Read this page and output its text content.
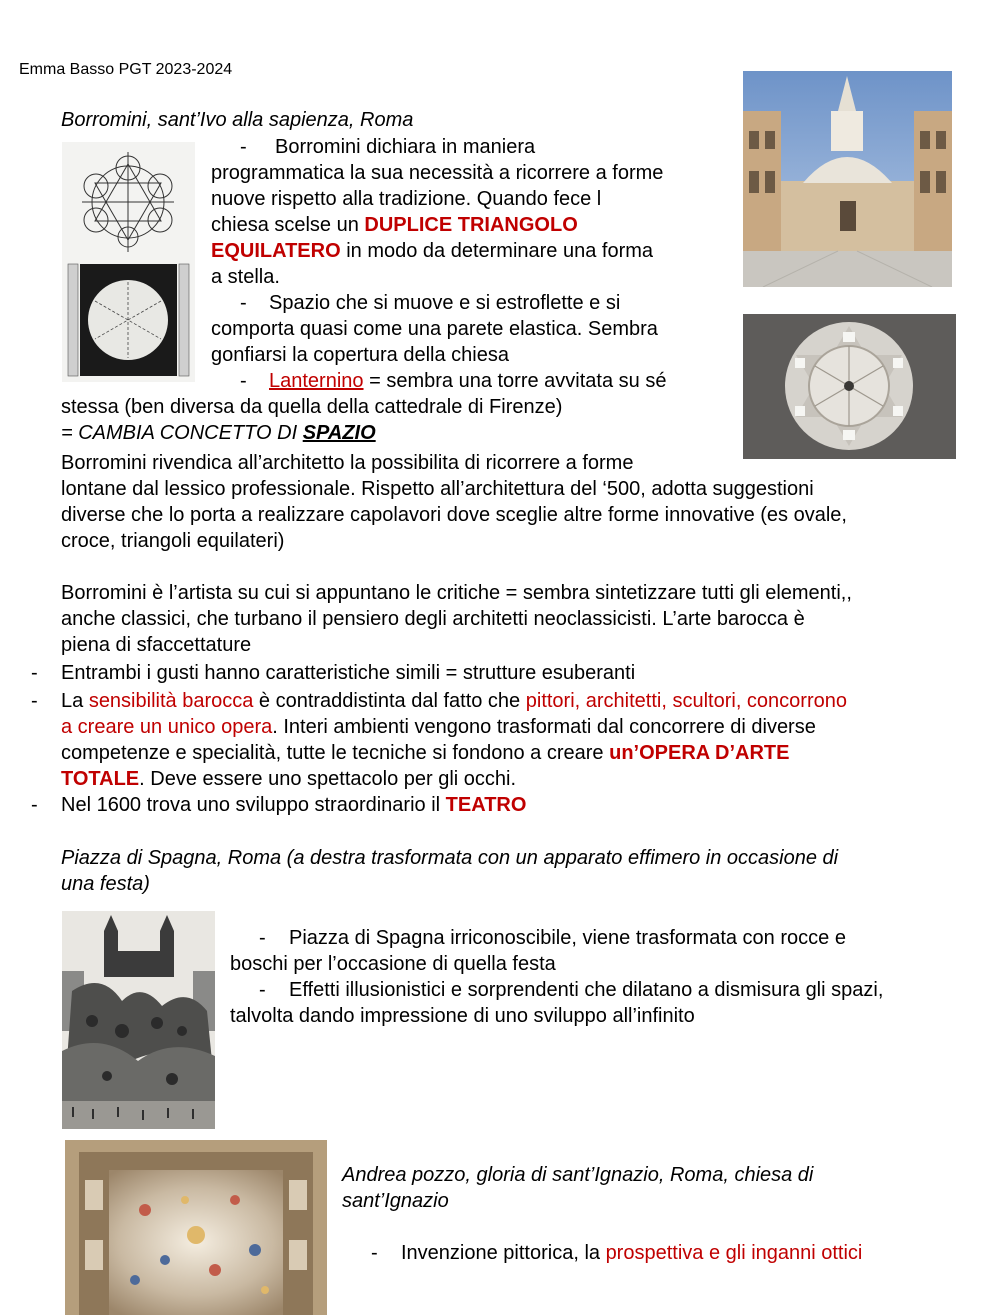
Emma Basso PGT 2023-2024
Borromini, sant’Ivo alla sapienza, Roma
- Borromini dichiara in maniera
programmatica la sua necessità a ricorrere a forme
nuove rispetto alla tradizione. Quando fece l
chiesa scelse un DUPLICE TRIANGOLO
EQUILATERO in modo da determinare una forma
a stella.
- Spazio che si muove e si estroflette e si
comporta quasi come una parete elastica. Sembra
gonfiarsi la copertura della chiesa
- Lanternino = sembra una torre avvitata su sé
stessa (ben diversa da quella della cattedrale di Firenze)
= CAMBIA CONCETTO DI SPAZIO
Borromini rivendica all’architetto la possibilita di ricorrere a forme
lontane dal lessico professionale. Rispetto all’architettura del ‘500, adotta suggestioni
diverse che lo porta a realizzare capolavori dove sceglie altre forme innovative (es ovale,
croce, triangoli equilateri)
Borromini è l’artista su cui si appuntano le critiche = sembra sintetizzare tutti gli elementi,,
anche classici, che turbano il pensiero degli architetti neoclassicisti. L’arte barocca è
piena di sfaccettature
- Entrambi i gusti hanno caratteristiche simili = strutture esuberanti
- La sensibilità barocca è contraddistinta dal fatto che pittori, architetti, scultori, concorrono
a creare un unico opera. Interi ambienti vengono trasformati dal concorrere di diverse
competenze e specialità, tutte le tecniche si fondono a creare un’OPERA D’ARTE
TOTALE. Deve essere uno spettacolo per gli occhi.
- Nel 1600 trova uno sviluppo straordinario il TEATRO
Piazza di Spagna, Roma (a destra trasformata con un apparato effimero in occasione di
una festa)
- Piazza di Spagna irriconoscibile, viene trasformata con rocce e
boschi per l’occasione di quella festa
- Effetti illusionistici e sorprendenti che dilatano a dismisura gli spazi,
talvolta dando impressione di uno sviluppo all’infinito
Andrea pozzo, gloria di sant’Ignazio, Roma, chiesa di
sant’Ignazio
- Invenzione pittorica, la prospettiva e gli inganni ottici
